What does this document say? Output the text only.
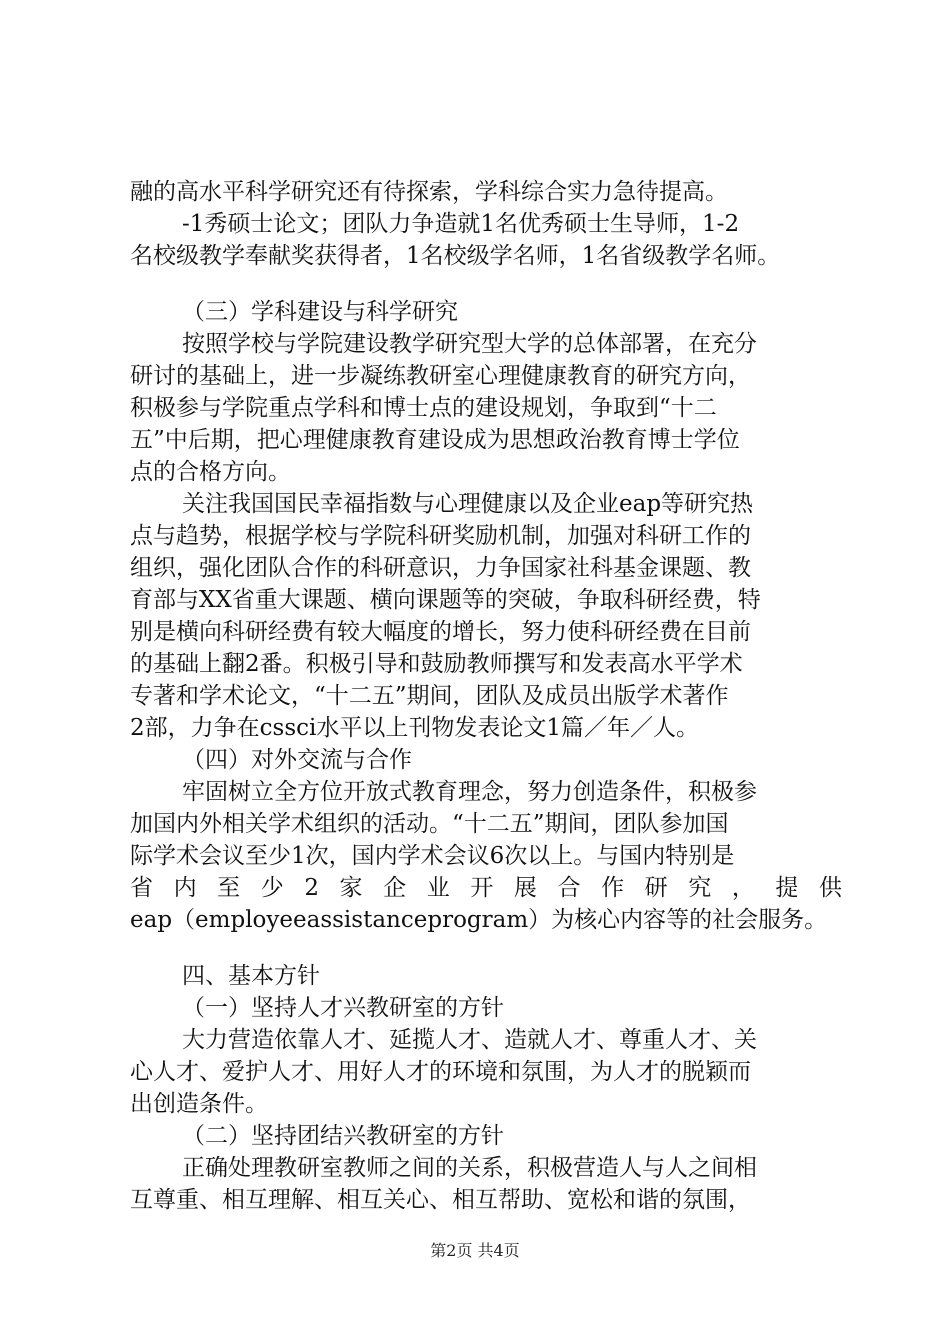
融的高水平科学研究还有待探索，学科综合实力急待提高。
-1秀硕士论文；团队力争造就1名优秀硕士生导师，1-2
名校级教学奉献奖获得者，1名校级学名师，1名省级教学名师。
（三）学科建设与科学研究
按照学校与学院建设教学研究型大学的总体部署，在充分
研讨的基础上，进一步凝练教研室心理健康教育的研究方向，
积极参与学院重点学科和博士点的建设规划，争取到“十二
五”中后期，把心理健康教育建设成为思想政治教育博士学位
点的合格方向。
关注我国国民幸福指数与心理健康以及企业eap等研究热
点与趋势，根据学校与学院科研奖励机制，加强对科研工作的
组织，强化团队合作的科研意识，力争国家社科基金课题、教
育部与XX省重大课题、横向课题等的突破，争取科研经费，特
别是横向科研经费有较大幅度的增长，努力使科研经费在目前
的基础上翻2番。积极引导和鼓励教师撰写和发表高水平学术
专著和学术论文，“十二五”期间，团队及成员出版学术著作
2部，力争在cssci水平以上刊物发表论文1篇／年／人。
（四）对外交流与合作
牢固树立全方位开放式教育理念，努力创造条件，积极参
加国内外相关学术组织的活动。“十二五”期间，团队参加国
际学术会议至少1次，国内学术会议6次以上。与国内特别是
省内至少2家企业开展合作研究，提供
eap（employeeassistanceprogram）为核心内容等的社会服务。
四、基本方针
（一）坚持人才兴教研室的方针
大力营造依靠人才、延揽人才、造就人才、尊重人才、关
心人才、爱护人才、用好人才的环境和氛围，为人才的脱颖而
出创造条件。
（二）坚持团结兴教研室的方针
正确处理教研室教师之间的关系，积极营造人与人之间相
互尊重、相互理解、相互关心、相互帮助、宽松和谐的氛围，
第2页 共4页
